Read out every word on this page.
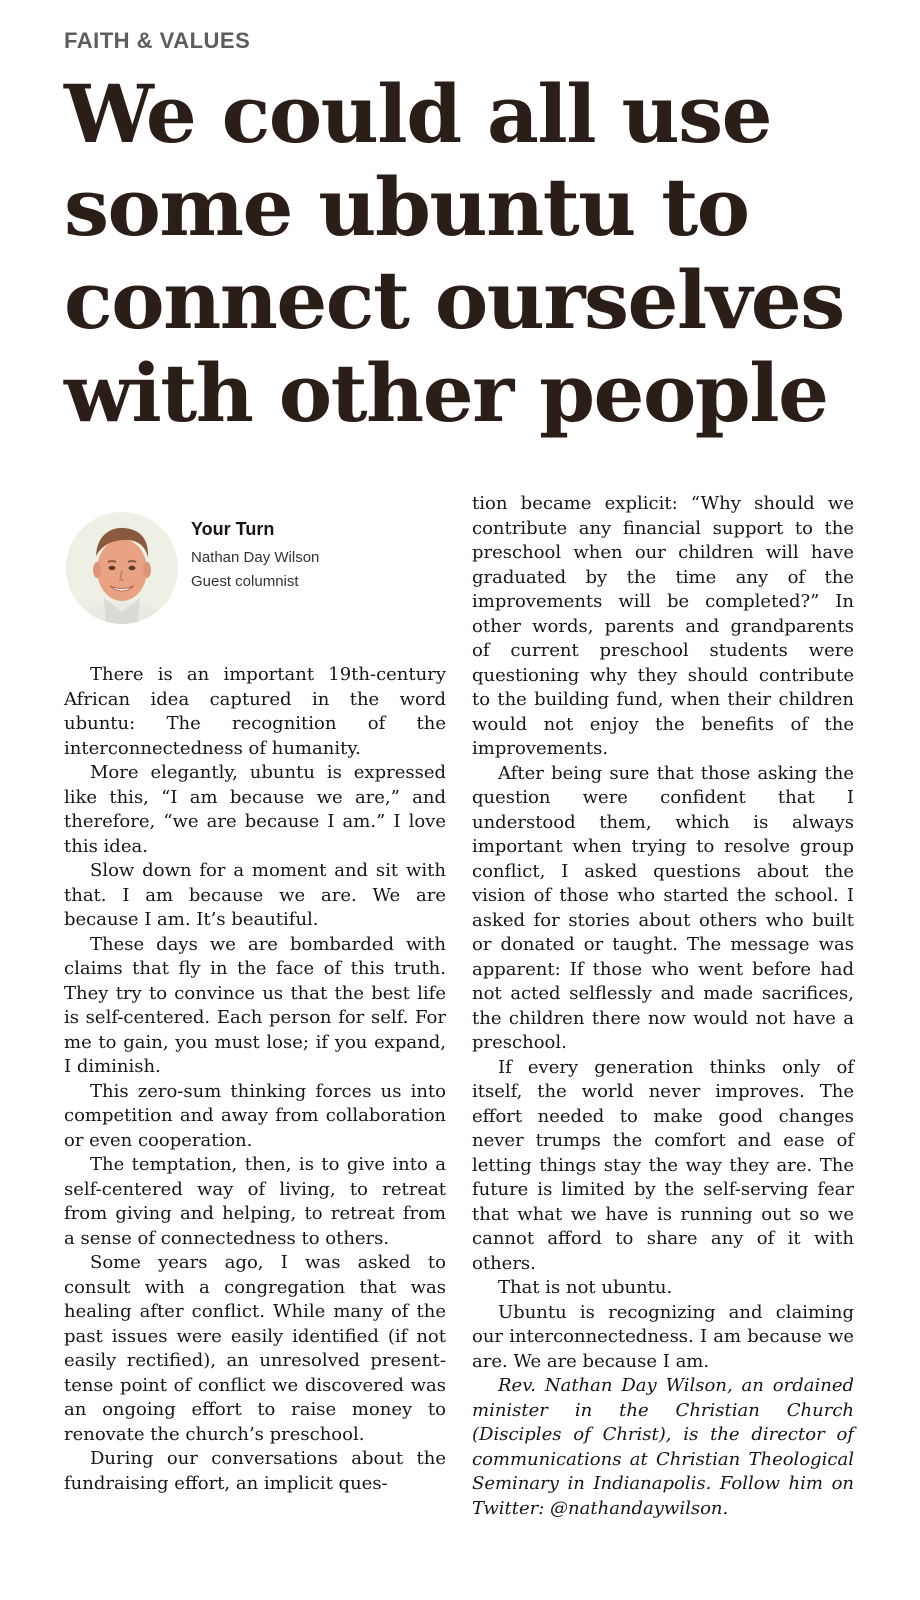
FAITH & VALUES
We could all use some ubuntu to connect ourselves with other people
Your Turn
Nathan Day Wilson
Guest columnist

There is an important 19th-century African idea captured in the word ubuntu: The recognition of the interconnectedness of humanity.

More elegantly, ubuntu is expressed like this, “I am because we are,” and therefore, “we are because I am.” I love this idea.

Slow down for a moment and sit with that. I am because we are. We are because I am. It’s beautiful.

These days we are bombarded with claims that fly in the face of this truth. They try to convince us that the best life is self-centered. Each person for self. For me to gain, you must lose; if you expand, I diminish.

This zero-sum thinking forces us into competition and away from collaboration or even cooperation.

The temptation, then, is to give into a self-centered way of living, to retreat from giving and helping, to retreat from a sense of connectedness to others.

Some years ago, I was asked to consult with a congregation that was healing after conflict. While many of the past issues were easily identified (if not easily rectified), an unresolved present-tense point of conflict we discovered was an ongoing effort to raise money to renovate the church’s preschool.

During our conversations about the fundraising effort, an implicit ques-

tion became explicit: “Why should we contribute any financial support to the preschool when our children will have graduated by the time any of the improvements will be completed?” In other words, parents and grandparents of current preschool students were questioning why they should contribute to the building fund, when their children would not enjoy the benefits of the improvements.

After being sure that those asking the question were confident that I understood them, which is always important when trying to resolve group conflict, I asked questions about the vision of those who started the school. I asked for stories about others who built or donated or taught. The message was apparent: If those who went before had not acted selflessly and made sacrifices, the children there now would not have a preschool.

If every generation thinks only of itself, the world never improves. The effort needed to make good changes never trumps the comfort and ease of letting things stay the way they are. The future is limited by the self-serving fear that what we have is running out so we cannot afford to share any of it with others.

That is not ubuntu.

Ubuntu is recognizing and claiming our interconnectedness. I am because we are. We are because I am.

Rev. Nathan Day Wilson, an ordained minister in the Christian Church (Disciples of Christ), is the director of communications at Christian Theological Seminary in Indianapolis. Follow him on Twitter: @nathandaywilson.
